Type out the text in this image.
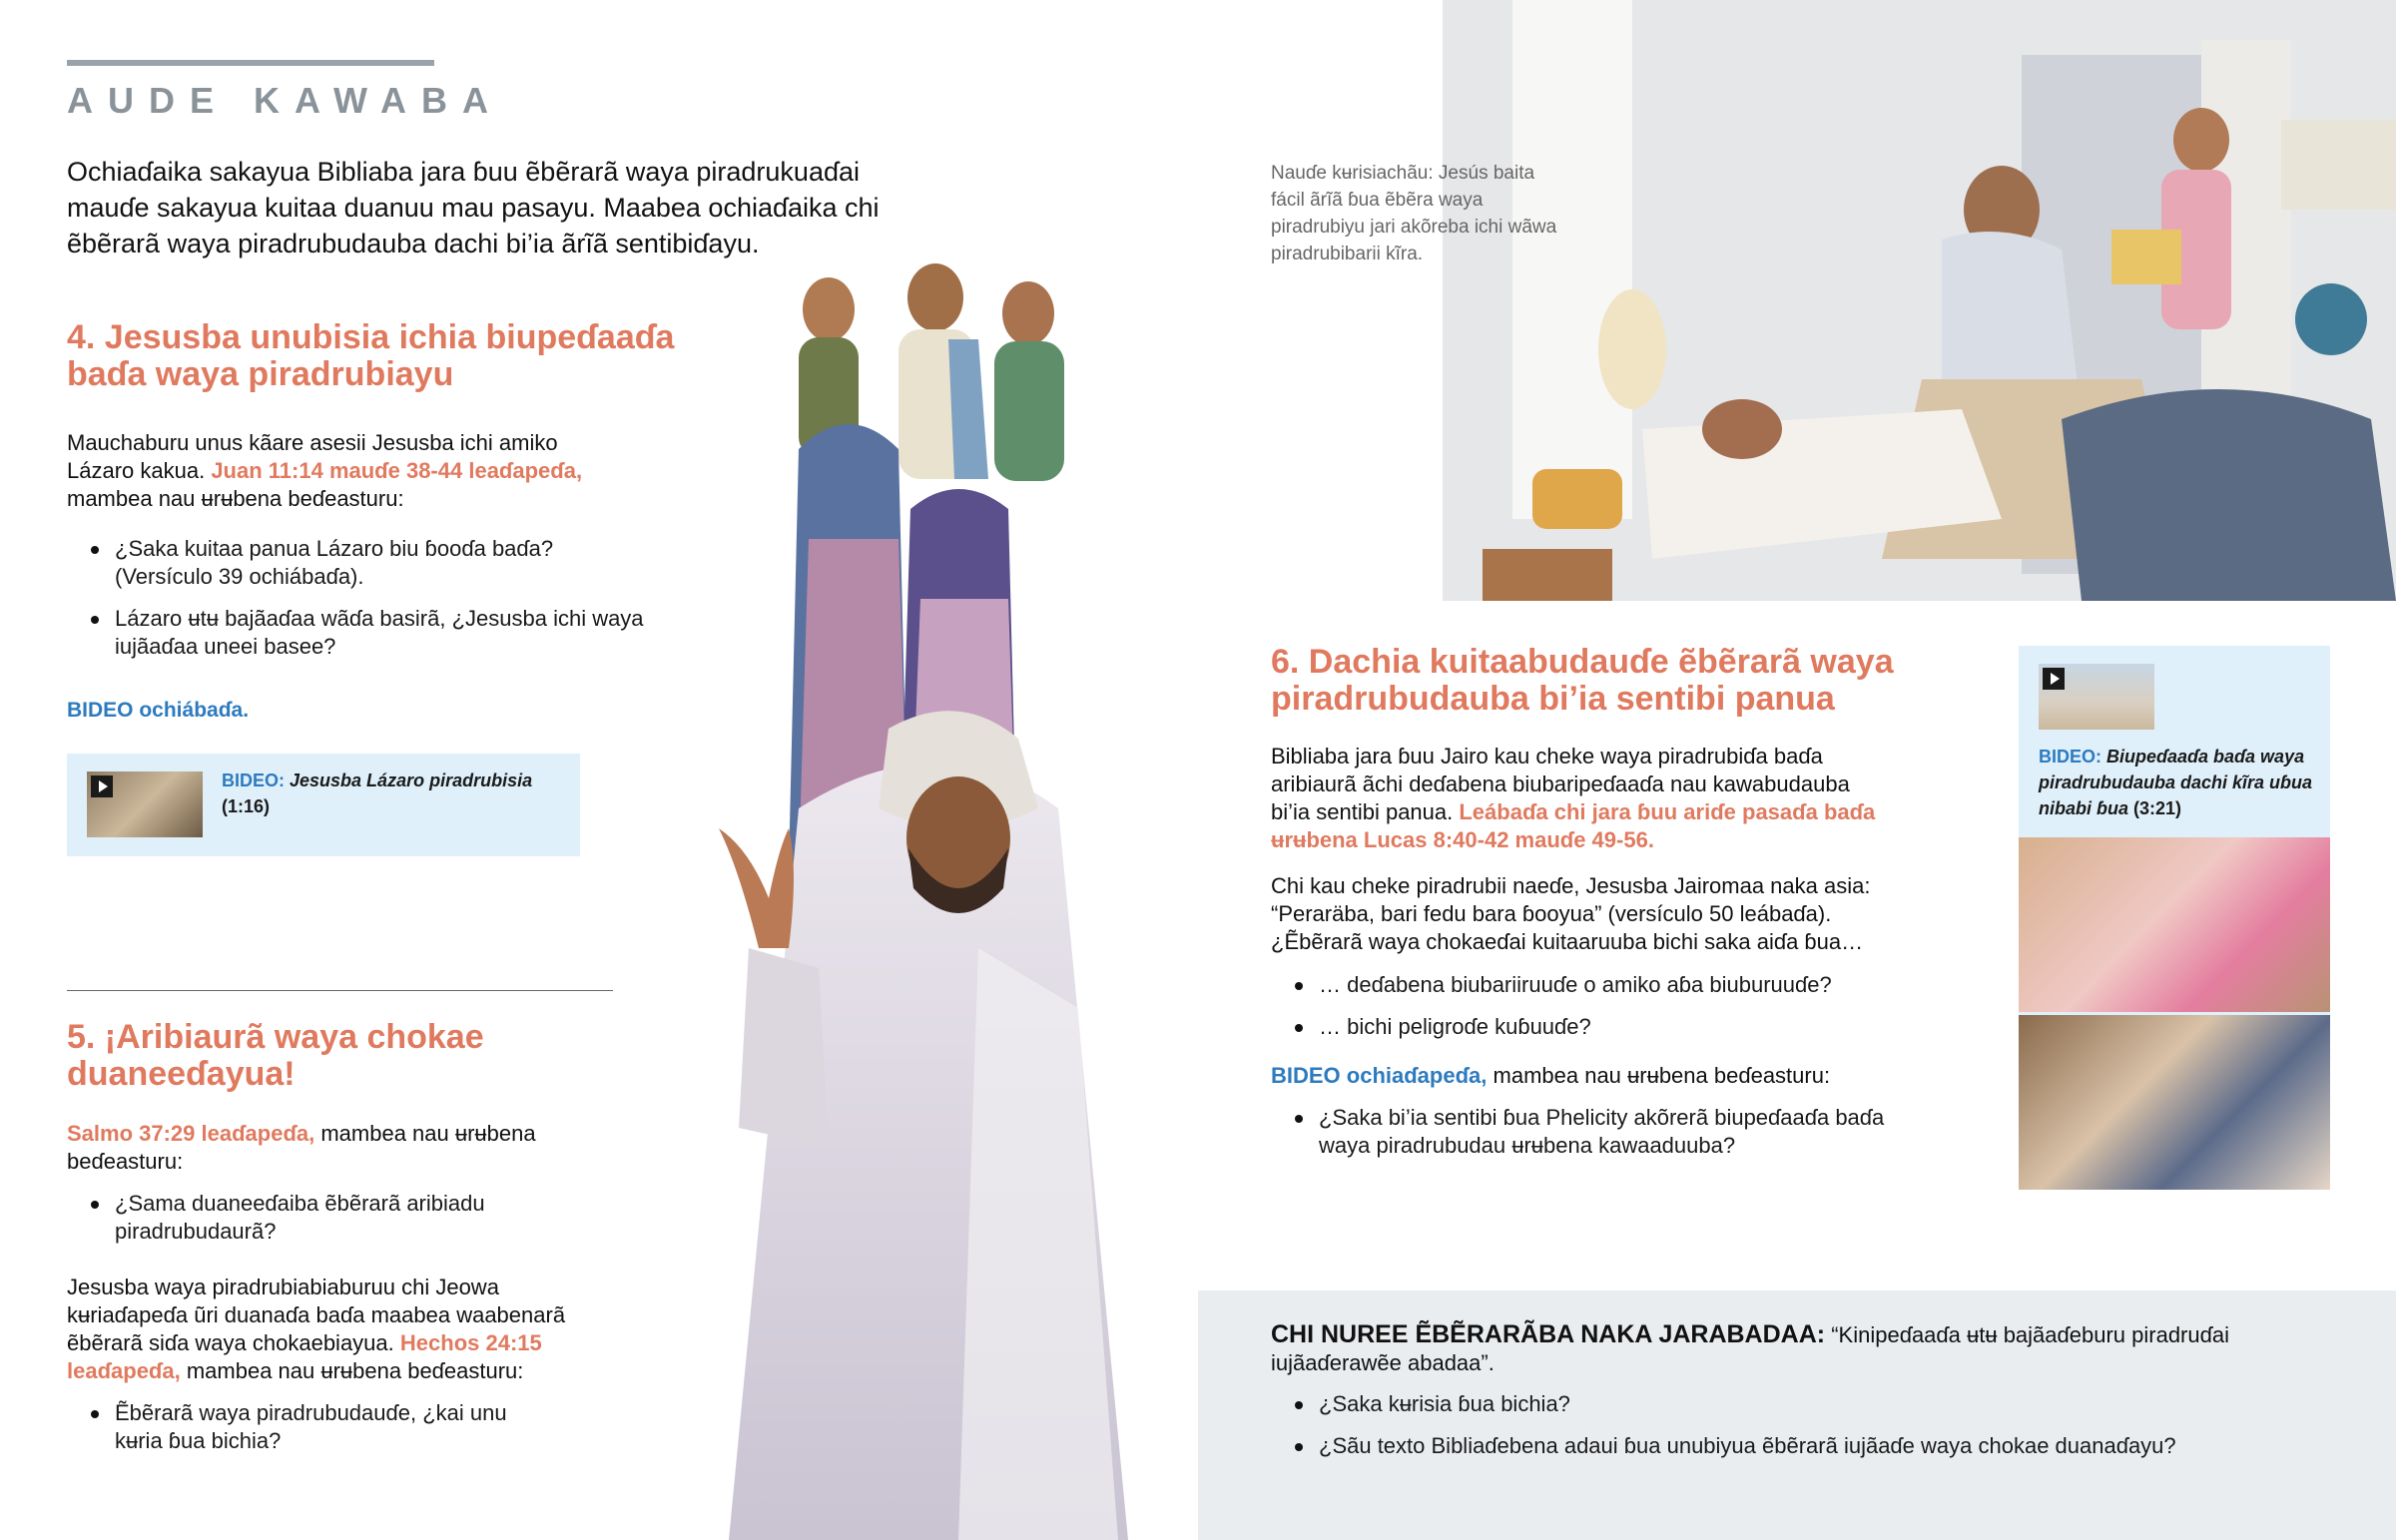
AUDE KAWABA
Ochiaɗaika sakayua Bibliaba jara ɓuu ẽbẽrarã waya piradrukuaɗai mauɗe sakayua kuitaa duanuu mau pasayu. Maabea ochiaɗaika chi ẽbẽrarã waya piradrubudauba dachi bi’ia ãrĩã sentibiɗayu.
4. Jesusba unubisia ichia biupeɗaaɗa baɗa waya piradrubiayu
Mauchaburu unus kãare asesii Jesusba ichi amiko Lázaro kakua. Juan 11:14 mauɗe 38-44 leaɗapeɗa, mambea nau ʉrʉbena beɗeasturu:
¿Saka kuitaa panua Lázaro biu ɓooɗa baɗa? (Versículo 39 ochiábaɗa).
Lázaro ʉtʉ bajãaɗaa wãɗa basirã, ¿Jesusba ichi waya iujãaɗaa uneei basee?
BIDEO ochiábaɗa.
BIDEO: Jesusba Lázaro piradrubisia
(1:16)
5. ¡Aribiaurã waya chokae duaneeɗayua!
Salmo 37:29 leaɗapeɗa, mambea nau ʉrʉbena beɗeasturu:
¿Sama duaneeɗaiba ẽbẽrarã aribiadu piradrubudaurã?
Jesusba waya piradrubiabiaburuu chi Jeowa kʉriaɗapeɗa ũri duanaɗa baɗa maabea waabenarã ẽbẽrarã siɗa waya chokaebiayua. Hechos 24:15 leaɗapeɗa, mambea nau ʉrʉbena beɗeasturu:
Ẽbẽrarã waya piradrubudauɗe, ¿kai unu kʉria ɓua bichia?
Nauɗe kʉrisiachãu: Jesús baita fácil ãrĩã ɓua ẽbẽra waya piradrubiyu jari akõreba ichi wãwa piradrubibarii kĩra.
6. Dachia kuitaabudauɗe ẽbẽrarã waya piradrubudauba bi’ia sentibi panua
Bibliaba jara ɓuu Jairo kau cheke waya piradrubiɗa baɗa aribiaurã ãchi deɗabena biubaripeɗaaɗa nau kawabudauba bi’ia sentibi panua. Leábaɗa chi jara ɓuu ariɗe pasaɗa baɗa ʉrʉbena Lucas 8:40-42 mauɗe 49-56.
Chi kau cheke piradrubii naeɗe, Jesusba Jairomaa naka asia: “Peraräba, bari fedu bara ɓooyua” (versículo 50 leábaɗa). ¿Ẽbẽrarã waya chokaeɗai kuitaaruuba bichi saka aiɗa ɓua…
… deɗabena biubariiruuɗe o amiko aɓa biuburuuɗe?
… bichi peligroɗe kuɓuuɗe?
BIDEO ochiaɗapeɗa, mambea nau ʉrʉbena beɗeasturu:
¿Saka bi’ia sentibi ɓua Phelicity akõrerã biupeɗaaɗa baɗa waya piradrubudau ʉrʉbena kawaaduuba?
BIDEO: Biupeɗaaɗa baɗa waya piradrubudauba dachi kĩra uɓua nibabi ɓua (3:21)
CHI NUREE ẼBẼRARÃBA NAKA JARABADAA: “Kinipeɗaaɗa ʉtʉ bajãaɗeburu piradruɗai iujãaɗerawẽe abadaa”.
¿Saka kʉrisia ɓua bichia?
¿Sãu texto Bibliaɗebena adaui ɓua unubiyua ẽbẽrarã iujãaɗe waya chokae duanaɗayu?
